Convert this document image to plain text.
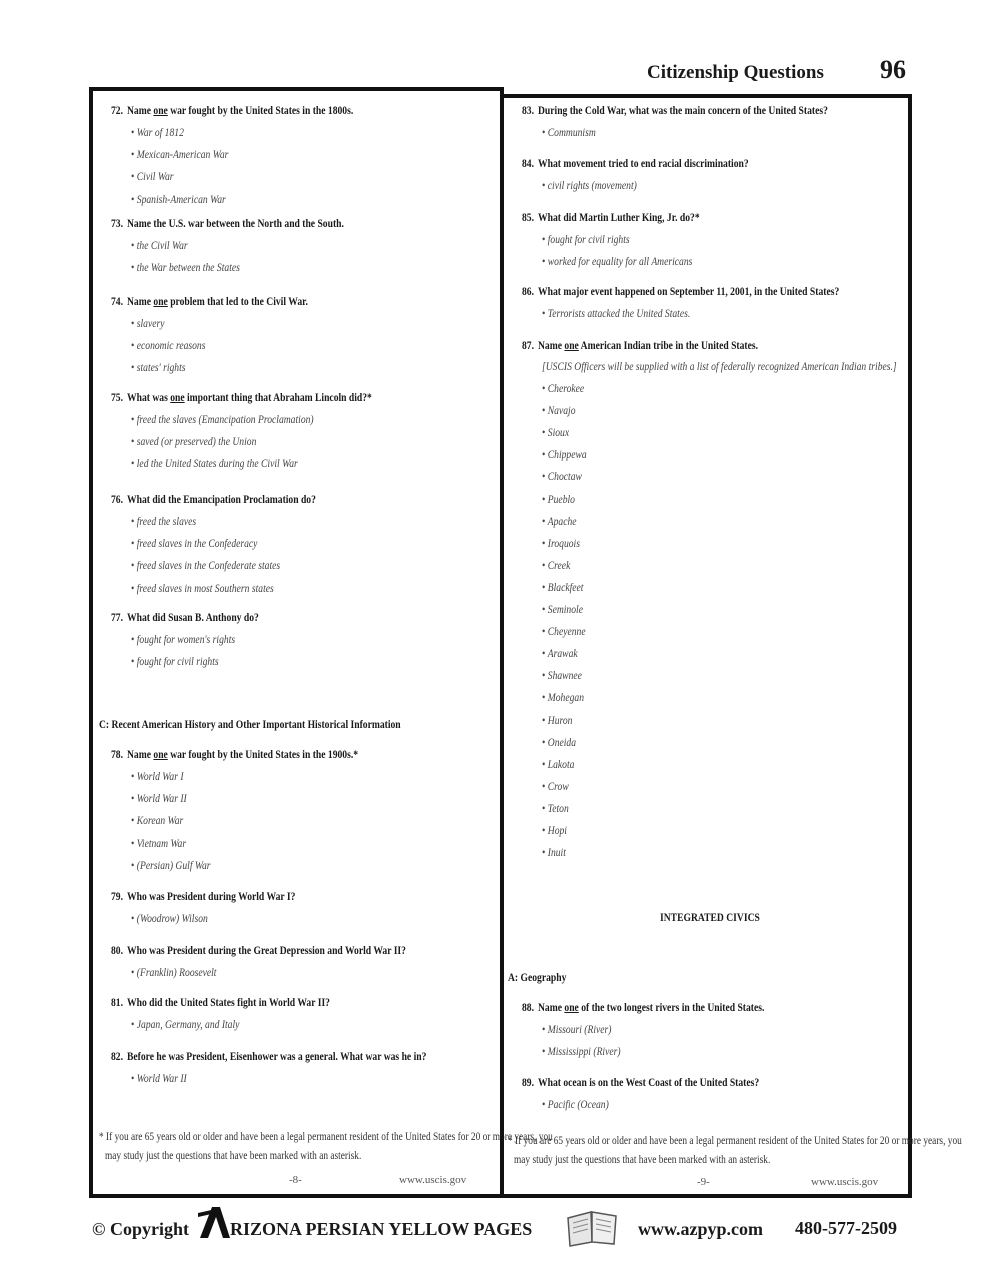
Citizenship Questions 96
72. Name one war fought by the United States in the 1800s.
• War of 1812
• Mexican-American War
• Civil War
• Spanish-American War
73. Name the U.S. war between the North and the South.
• the Civil War
• the War between the States
74. Name one problem that led to the Civil War.
• slavery
• economic reasons
• states' rights
75. What was one important thing that Abraham Lincoln did?*
• freed the slaves (Emancipation Proclamation)
• saved (or preserved) the Union
• led the United States during the Civil War
76. What did the Emancipation Proclamation do?
• freed the slaves
• freed slaves in the Confederacy
• freed slaves in the Confederate states
• freed slaves in most Southern states
77. What did Susan B. Anthony do?
• fought for women's rights
• fought for civil rights
C: Recent American History and Other Important Historical Information
78. Name one war fought by the United States in the 1900s.*
• World War I
• World War II
• Korean War
• Vietnam War
• (Persian) Gulf War
79. Who was President during World War I?
• (Woodrow) Wilson
80. Who was President during the Great Depression and World War II?
• (Franklin) Roosevelt
81. Who did the United States fight in World War II?
• Japan, Germany, and Italy
82. Before he was President, Eisenhower was a general. What war was he in?
• World War II
* If you are 65 years old or older and have been a legal permanent resident of the United States for 20 or more years, you
may study just the questions that have been marked with an asterisk.
-8-	www.uscis.gov
83. During the Cold War, what was the main concern of the United States?
• Communism
84. What movement tried to end racial discrimination?
• civil rights (movement)
85. What did Martin Luther King, Jr. do?*
• fought for civil rights
• worked for equality for all Americans
86. What major event happened on September 11, 2001, in the United States?
• Terrorists attacked the United States.
87. Name one American Indian tribe in the United States.
[USCIS Officers will be supplied with a list of federally recognized American Indian tribes.]
• Cherokee
• Navajo
• Sioux
• Chippewa
• Choctaw
• Pueblo
• Apache
• Iroquois
• Creek
• Blackfeet
• Seminole
• Cheyenne
• Arawak
• Shawnee
• Mohegan
• Huron
• Oneida
• Lakota
• Crow
• Teton
• Hopi
• Inuit
INTEGRATED CIVICS
A: Geography
88. Name one of the two longest rivers in the United States.
• Missouri (River)
• Mississippi (River)
89. What ocean is on the West Coast of the United States?
• Pacific (Ocean)
* If you are 65 years old or older and have been a legal permanent resident of the United States for 20 or more years, you
may study just the questions that have been marked with an asterisk.
-9-	www.uscis.gov
© Copyright RIZONA PERSIAN YELLOW PAGES	www.azpyp.com 480-577-2509
